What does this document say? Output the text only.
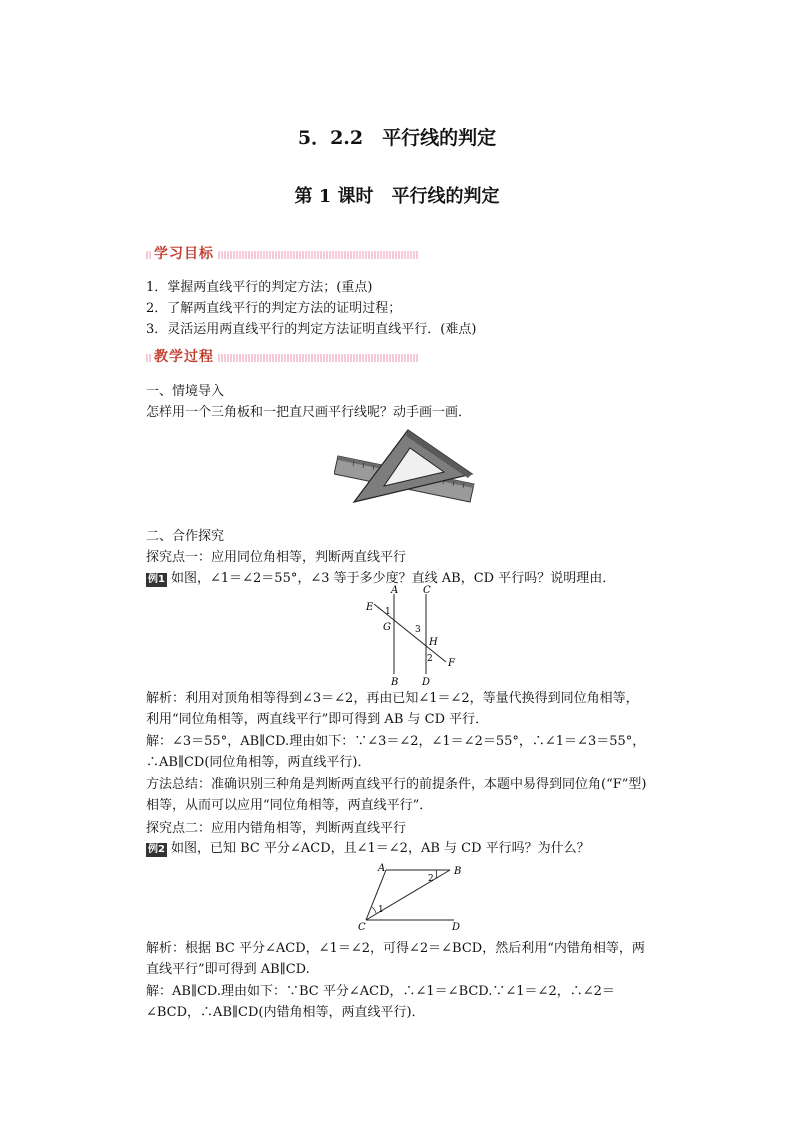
5．2.2　平行线的判定
第 1 课时　平行线的判定
学习目标
1．掌握两直线平行的判定方法；(重点)
2．了解两直线平行的判定方法的证明过程；
3．灵活运用两直线平行的判定方法证明直线平行．(难点)
教学过程
一、情境导入
怎样用一个三角板和一把直尺画平行线呢？动手画一画．
二、合作探究
探究点一：应用同位角相等，判断两直线平行
例1 如图，∠1＝∠2＝55°，∠3 等于多少度？直线 AB，CD 平行吗？说明理由．
A C
E 1
G	3
H
2 F
B D
解析：利用对顶角相等得到∠3＝∠2，再由已知∠1＝∠2，等量代换得到同位角相等，利用“同位角相等，两直线平行”即可得到 AB 与 CD 平行．
解：∠3＝55°，AB∥CD.理由如下：∵∠3＝∠2，∠1＝∠2＝55°，∴∠1＝∠3＝55°，∴AB∥CD(同位角相等，两直线平行)．
方法总结：准确识别三种角是判断两直线平行的前提条件，本题中易得到同位角(“F”型)相等，从而可以应用“同位角相等，两直线平行”．
探究点二：应用内错角相等，判断两直线平行
例2 如图，已知 BC 平分∠ACD，且∠1＝∠2，AB 与 CD 平行吗？为什么？
A	B
2
1
C	D
解析：根据 BC 平分∠ACD，∠1＝∠2，可得∠2＝∠BCD，然后利用“内错角相等，两直线平行”即可得到 AB∥CD.
解：AB∥CD.理由如下：∵BC 平分∠ACD，∴∠1＝∠BCD.∵∠1＝∠2，∴∠2＝∠BCD，∴AB∥CD(内错角相等，两直线平行)．
